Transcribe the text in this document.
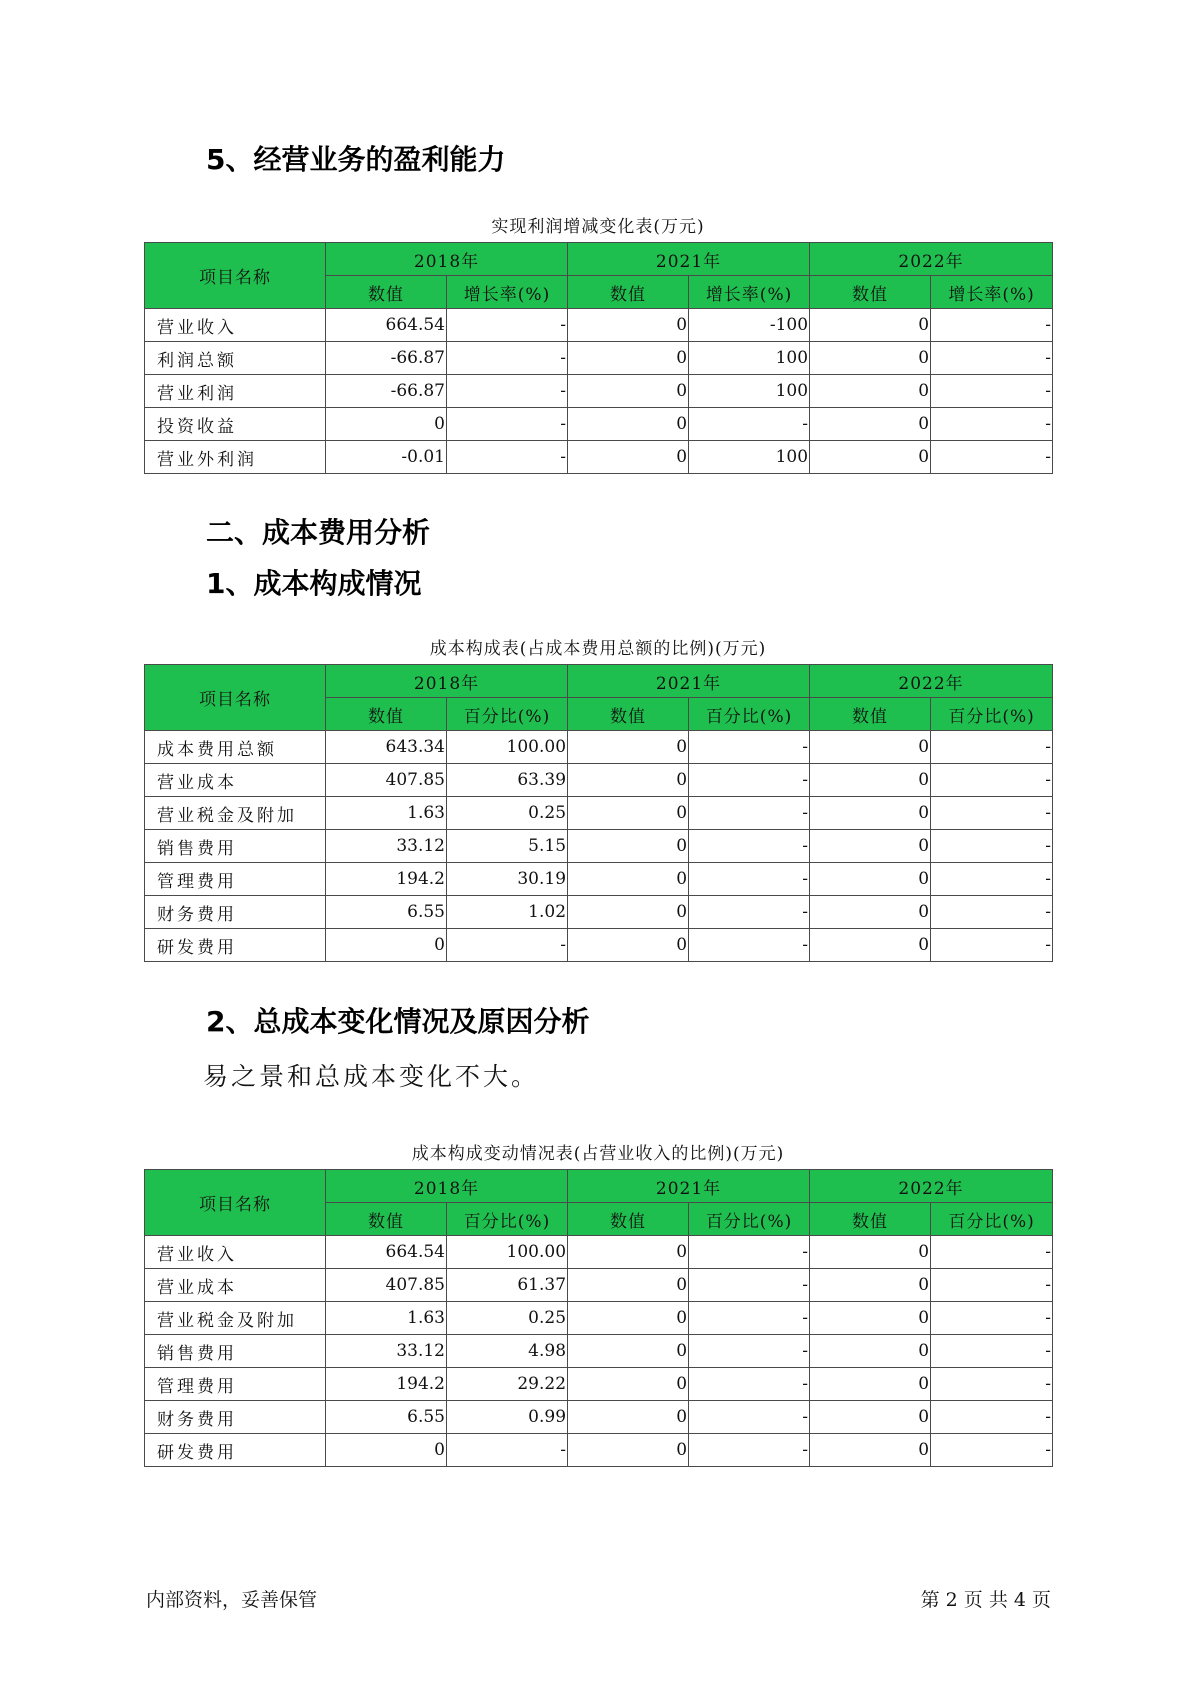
5、经营业务的盈利能力
实现利润增减变化表(万元)
项目名称	2018年		2021年		2022年	
	数值	增长率(%)	数值	增长率(%)	数值	增长率(%)
营业收入	664.54	-	0	-100	0	-
利润总额	-66.87	-	0	100	0	-
营业利润	-66.87	-	0	100	0	-
投资收益	0	-	0	-	0	-
营业外利润	-0.01	-	0	100	0	-
二、成本费用分析
1、成本构成情况
成本构成表(占成本费用总额的比例)(万元)
项目名称	2018年		2021年		2022年	
	数值	百分比(%)	数值	百分比(%)	数值	百分比(%)
成本费用总额	643.34	100.00	0	-	0	-
营业成本	407.85	63.39	0	-	0	-
营业税金及附加	1.63	0.25	0	-	0	-
销售费用	33.12	5.15	0	-	0	-
管理费用	194.2	30.19	0	-	0	-
财务费用	6.55	1.02	0	-	0	-
研发费用	0	-	0	-	0	-
2、总成本变化情况及原因分析

易之景和总成本变化不大。

成本构成变动情况表(占营业收入的比例)(万元)
项目名称	2018年		2021年		2022年	
	数值	百分比(%)	数值	百分比(%)	数值	百分比(%)
营业收入	664.54	100.00	0	-	0	-
营业成本	407.85	61.37	0	-	0	-
营业税金及附加	1.63	0.25	0	-	0	-
销售费用	33.12	4.98	0	-	0	-
管理费用	194.2	29.22	0	-	0	-
财务费用	6.55	0.99	0	-	0	-
研发费用	0	-	0	-	0	-
内部资料，妥善保管	第 2 页 共 4 页
